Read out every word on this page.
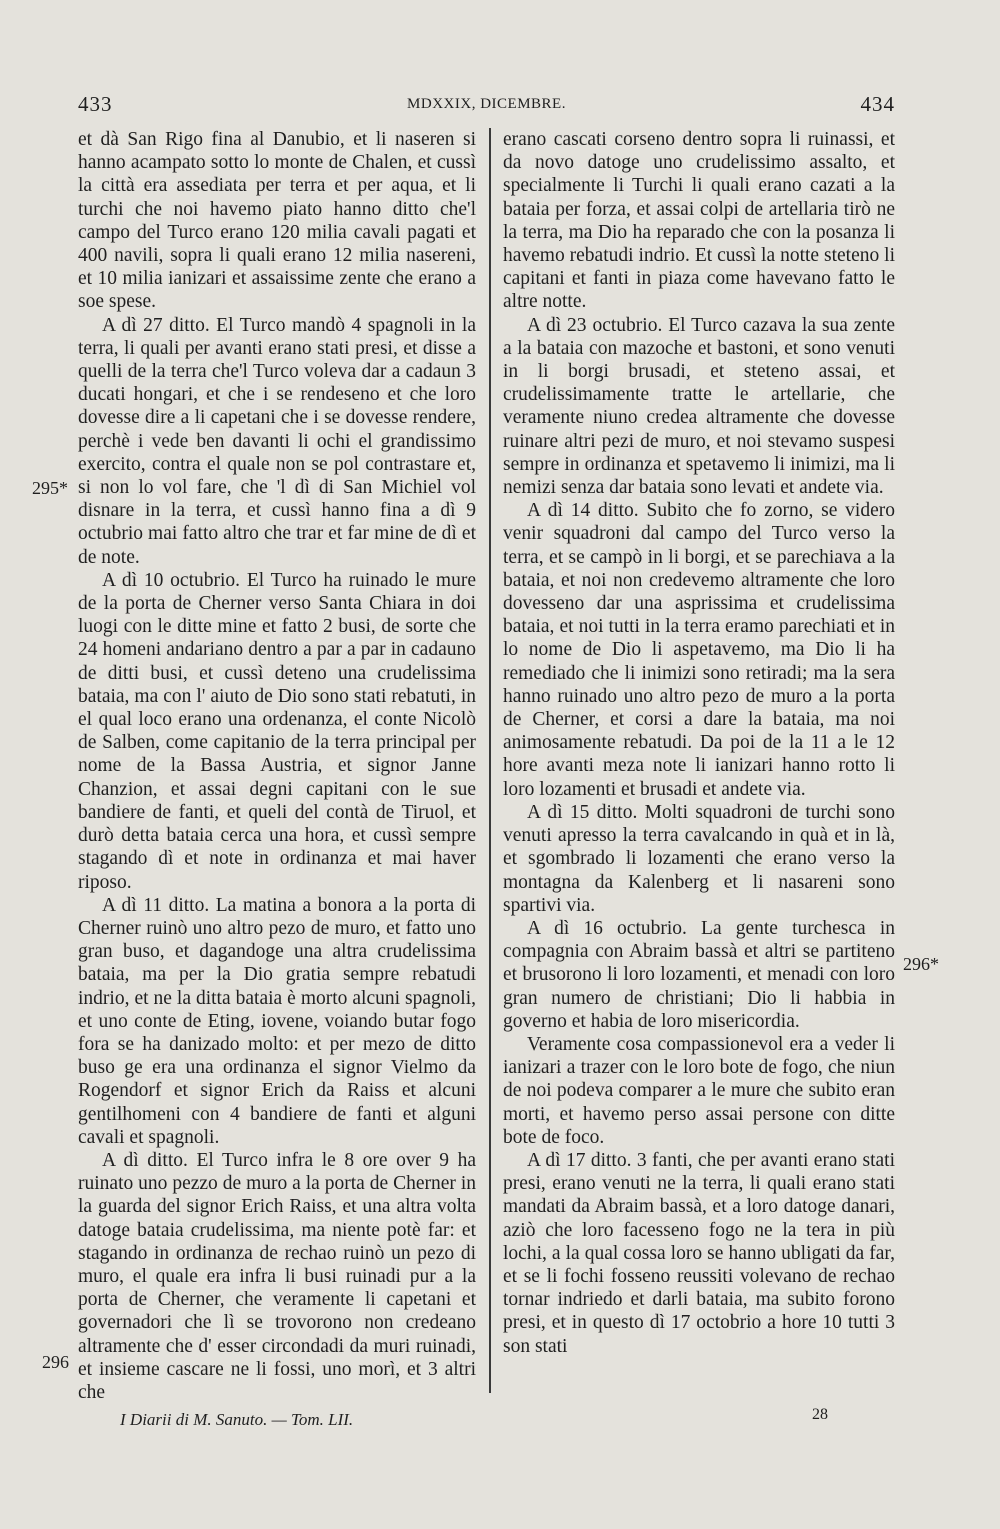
433	MDXXIX, DICEMBRE.	434

et dà San Rigo fina al Danubio, et li naseren si hanno acampato sotto lo monte de Chalen, et cussì la città era assediata per terra et per aqua, et li turchi che noi havemo piato hanno ditto che'l campo del Turco erano 120 milia cavali pagati et 400 navili, sopra li quali erano 12 milia nasereni, et 10 milia ianizari et assaissime zente che erano a soe spese.

A dì 27 ditto. El Turco mandò 4 spagnoli in la terra, li quali per avanti erano stati presi, et disse a quelli de la terra che'l Turco voleva dar a cadaun 3 ducati hongari, et che i se rendeseno et che loro dovesse dire a li capetani che i se dovesse rendere, perchè i vede ben davanti li ochi el grandissimo exercito, contra el quale non se pol contrastare et, si non lo vol fare, che 'l dì di San Michiel vol disnare in la terra, et cussì hanno fina a dì 9 octubrio mai fatto altro che trar et far mine de dì et de note.

A dì 10 octubrio. El Turco ha ruinado le mure de la porta de Cherner verso Santa Chiara in doi luogi con le ditte mine et fatto 2 busi, de sorte che 24 homeni andariano dentro a par a par in cadauno de ditti busi, et cussì deteno una crudelissima bataia, ma con l' aiuto de Dio sono stati rebatuti, in el qual loco erano una ordenanza, el conte Nicolò de Salben, come capitanio de la terra principal per nome de la Bassa Austria, et signor Janne Chanzion, et assai degni capitani con le sue bandiere de fanti, et queli del contà de Tiruol, et durò detta bataia cerca una hora, et cussì sempre stagando dì et note in ordinanza et mai haver riposo.

A dì 11 ditto. La matina a bonora a la porta di Cherner ruinò uno altro pezo de muro, et fatto uno gran buso, et dagandoge una altra crudelissima bataia, ma per la Dio gratia sempre rebatudi indrio, et ne la ditta bataia è morto alcuni spagnoli, et uno conte de Eting, iovene, voiando butar fogo fora se ha danizado molto: et per mezo de ditto buso ge era una ordinanza el signor Vielmo da Rogendorf et signor Erich da Raiss et alcuni gentilhomeni con 4 bandiere de fanti et alguni cavali et spagnoli.

A dì ditto. El Turco infra le 8 ore over 9 ha ruinato uno pezzo de muro a la porta de Cherner in la guarda del signor Erich Raiss, et una altra volta datoge bataia crudelissima, ma niente potè far: et stagando in ordinanza de rechao ruinò un pezo di muro, el quale era infra li busi ruinadi pur a la porta de Cherner, che veramente li capetani et governadori che lì se trovorono non credeano altramente che d' esser circondadi da muri ruinadi, et insieme cascare ne li fossi, uno morì, et 3 altri che

erano cascati corseno dentro sopra li ruinassi, et da novo datoge uno crudelissimo assalto, et specialmente li Turchi li quali erano cazati a la bataia per forza, et assai colpi de artellaria tirò ne la terra, ma Dio ha reparado che con la posanza li havemo rebatudi indrio. Et cussì la notte steteno li capitani et fanti in piaza come havevano fatto le altre notte.

A dì 23 octubrio. El Turco cazava la sua zente a la bataia con mazoche et bastoni, et sono venuti in li borgi brusadi, et steteno assai, et crudelissimamente tratte le artellarie, che veramente niuno credea altramente che dovesse ruinare altri pezi de muro, et noi stevamo suspesi sempre in ordinanza et spetavemo li inimizi, ma li nemizi senza dar bataia sono levati et andete via.

A dì 14 ditto. Subito che fo zorno, se videro venir squadroni dal campo del Turco verso la terra, et se campò in li borgi, et se parechiava a la bataia, et noi non credevemo altramente che loro dovesseno dar una asprissima et crudelissima bataia, et noi tutti in la terra eramo parechiati et in lo nome de Dio li aspetavemo, ma Dio li ha remediado che li inimizi sono retiradi; ma la sera hanno ruinado uno altro pezo de muro a la porta de Cherner, et corsi a dare la bataia, ma noi animosamente rebatudi. Da poi de la 11 a le 12 hore avanti meza note li ianizari hanno rotto li loro lozamenti et brusadi et andete via.

A dì 15 ditto. Molti squadroni de turchi sono venuti apresso la terra cavalcando in quà et in là, et sgombrado li lozamenti che erano verso la montagna da Kalenberg et li nasareni sono spartivi via.

A dì 16 octubrio. La gente turchesca in compagnia con Abraim bassà et altri se partiteno et brusorono li loro lozamenti, et menadi con loro gran numero de christiani; Dio li habbia in governo et habia de loro misericordia.

Veramente cosa compassionevol era a veder li ianizari a trazer con le loro bote de fogo, che niun de noi podeva comparer a le mure che subito eran morti, et havemo perso assai persone con ditte bote de foco.

A dì 17 ditto. 3 fanti, che per avanti erano stati presi, erano venuti ne la terra, li quali erano stati mandati da Abraim bassà, et a loro datoge danari, aziò che loro facesseno fogo ne la tera in più lochi, a la qual cossa loro se hanno ubligati da far, et se li fochi fosseno reussiti volevano de rechao tornar indriedo et darli bataia, ma subito forono presi, et in questo dì 17 octobrio a hore 10 tutti 3 son stati

295*
296
296*
I Diarii di M. Sanuto. — Tom. LII.	28
